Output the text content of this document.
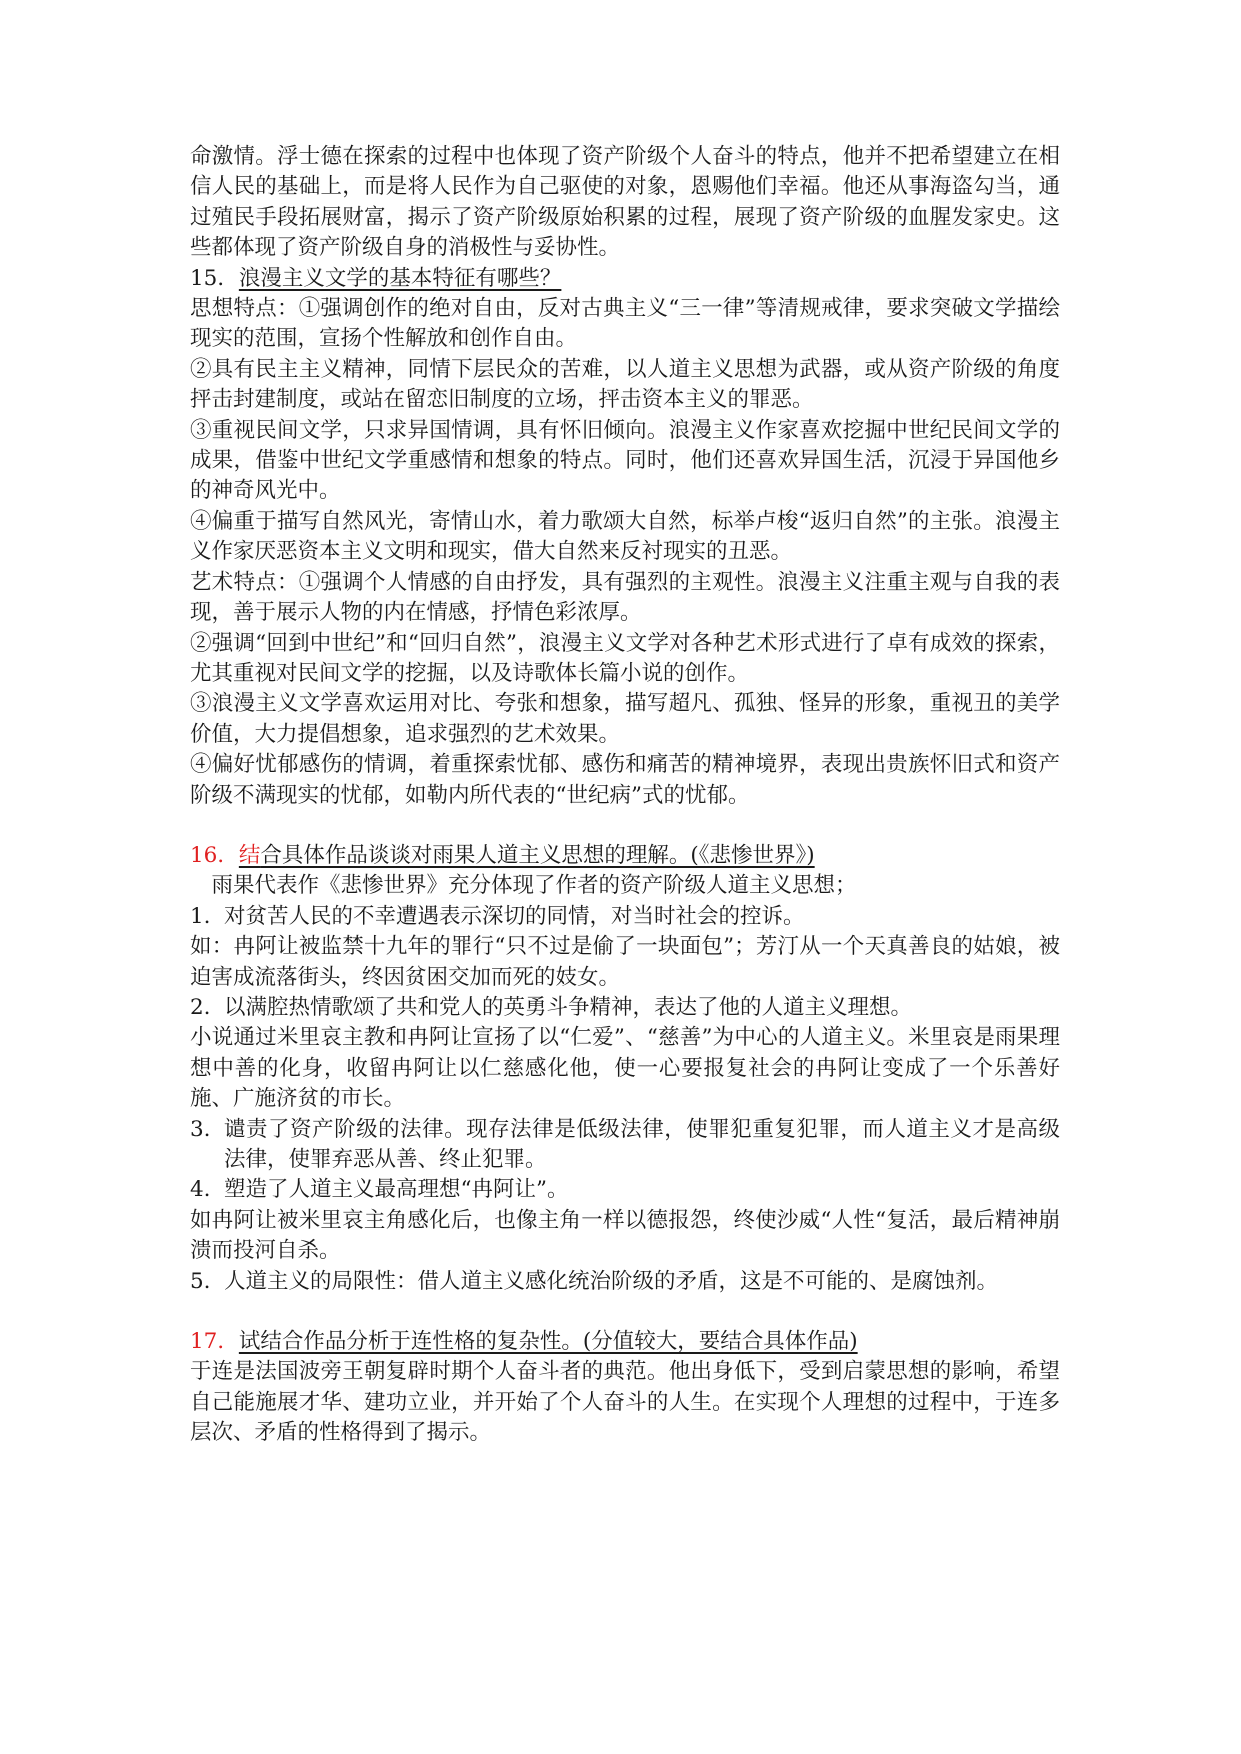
命激情。浮士德在探索的过程中也体现了资产阶级个人奋斗的特点，他并不把希望建立在相信人民的基础上，而是将人民作为自己驱使的对象，恩赐他们幸福。他还从事海盗勾当，通过殖民手段拓展财富，揭示了资产阶级原始积累的过程，展现了资产阶级的血腥发家史。这些都体现了资产阶级自身的消极性与妥协性。

15．浪漫主义文学的基本特征有哪些？

思想特点：①强调创作的绝对自由，反对古典主义“三一律”等清规戒律，要求突破文学描绘现实的范围，宣扬个性解放和创作自由。

②具有民主主义精神，同情下层民众的苦难，以人道主义思想为武器，或从资产阶级的角度抨击封建制度，或站在留恋旧制度的立场，抨击资本主义的罪恶。

③重视民间文学，只求异国情调，具有怀旧倾向。浪漫主义作家喜欢挖掘中世纪民间文学的成果，借鉴中世纪文学重感情和想象的特点。同时，他们还喜欢异国生活，沉浸于异国他乡的神奇风光中。

④偏重于描写自然风光，寄情山水，着力歌颂大自然，标举卢梭“返归自然”的主张。浪漫主义作家厌恶资本主义文明和现实，借大自然来反衬现实的丑恶。

艺术特点：①强调个人情感的自由抒发，具有强烈的主观性。浪漫主义注重主观与自我的表现，善于展示人物的内在情感，抒情色彩浓厚。

②强调“回到中世纪”和“回归自然”，浪漫主义文学对各种艺术形式进行了卓有成效的探索，尤其重视对民间文学的挖掘，以及诗歌体长篇小说的创作。

③浪漫主义文学喜欢运用对比、夸张和想象，描写超凡、孤独、怪异的形象，重视丑的美学价值，大力提倡想象，追求强烈的艺术效果。

④偏好忧郁感伤的情调，着重探索忧郁、感伤和痛苦的精神境界，表现出贵族怀旧式和资产阶级不满现实的忧郁，如勒内所代表的“世纪病”式的忧郁。

16．结合具体作品谈谈对雨果人道主义思想的理解。(《悲惨世界》)

雨果代表作《悲惨世界》充分体现了作者的资产阶级人道主义思想；

1. 对贫苦人民的不幸遭遇表示深切的同情，对当时社会的控诉。

如：冉阿让被监禁十九年的罪行“只不过是偷了一块面包”；芳汀从一个天真善良的姑娘，被迫害成流落街头，终因贫困交加而死的妓女。

2. 以满腔热情歌颂了共和党人的英勇斗争精神，表达了他的人道主义理想。

小说通过米里哀主教和冉阿让宣扬了以“仁爱”、“慈善”为中心的人道主义。米里哀是雨果理想中善的化身，收留冉阿让以仁慈感化他，使一心要报复社会的冉阿让变成了一个乐善好施、广施济贫的市长。

3. 谴责了资产阶级的法律。现存法律是低级法律，使罪犯重复犯罪，而人道主义才是高级法律，使罪弃恶从善、终止犯罪。
4. 塑造了人道主义最高理想“冉阿让”。

如冉阿让被米里哀主角感化后，也像主角一样以德报怨，终使沙威“人性“复活，最后精神崩溃而投河自杀。

5. 人道主义的局限性：借人道主义感化统治阶级的矛盾，这是不可能的、是腐蚀剂。

17．试结合作品分析于连性格的复杂性。(分值较大，要结合具体作品)

于连是法国波旁王朝复辟时期个人奋斗者的典范。他出身低下，受到启蒙思想的影响，希望自己能施展才华、建功立业，并开始了个人奋斗的人生。在实现个人理想的过程中，于连多层次、矛盾的性格得到了揭示。
